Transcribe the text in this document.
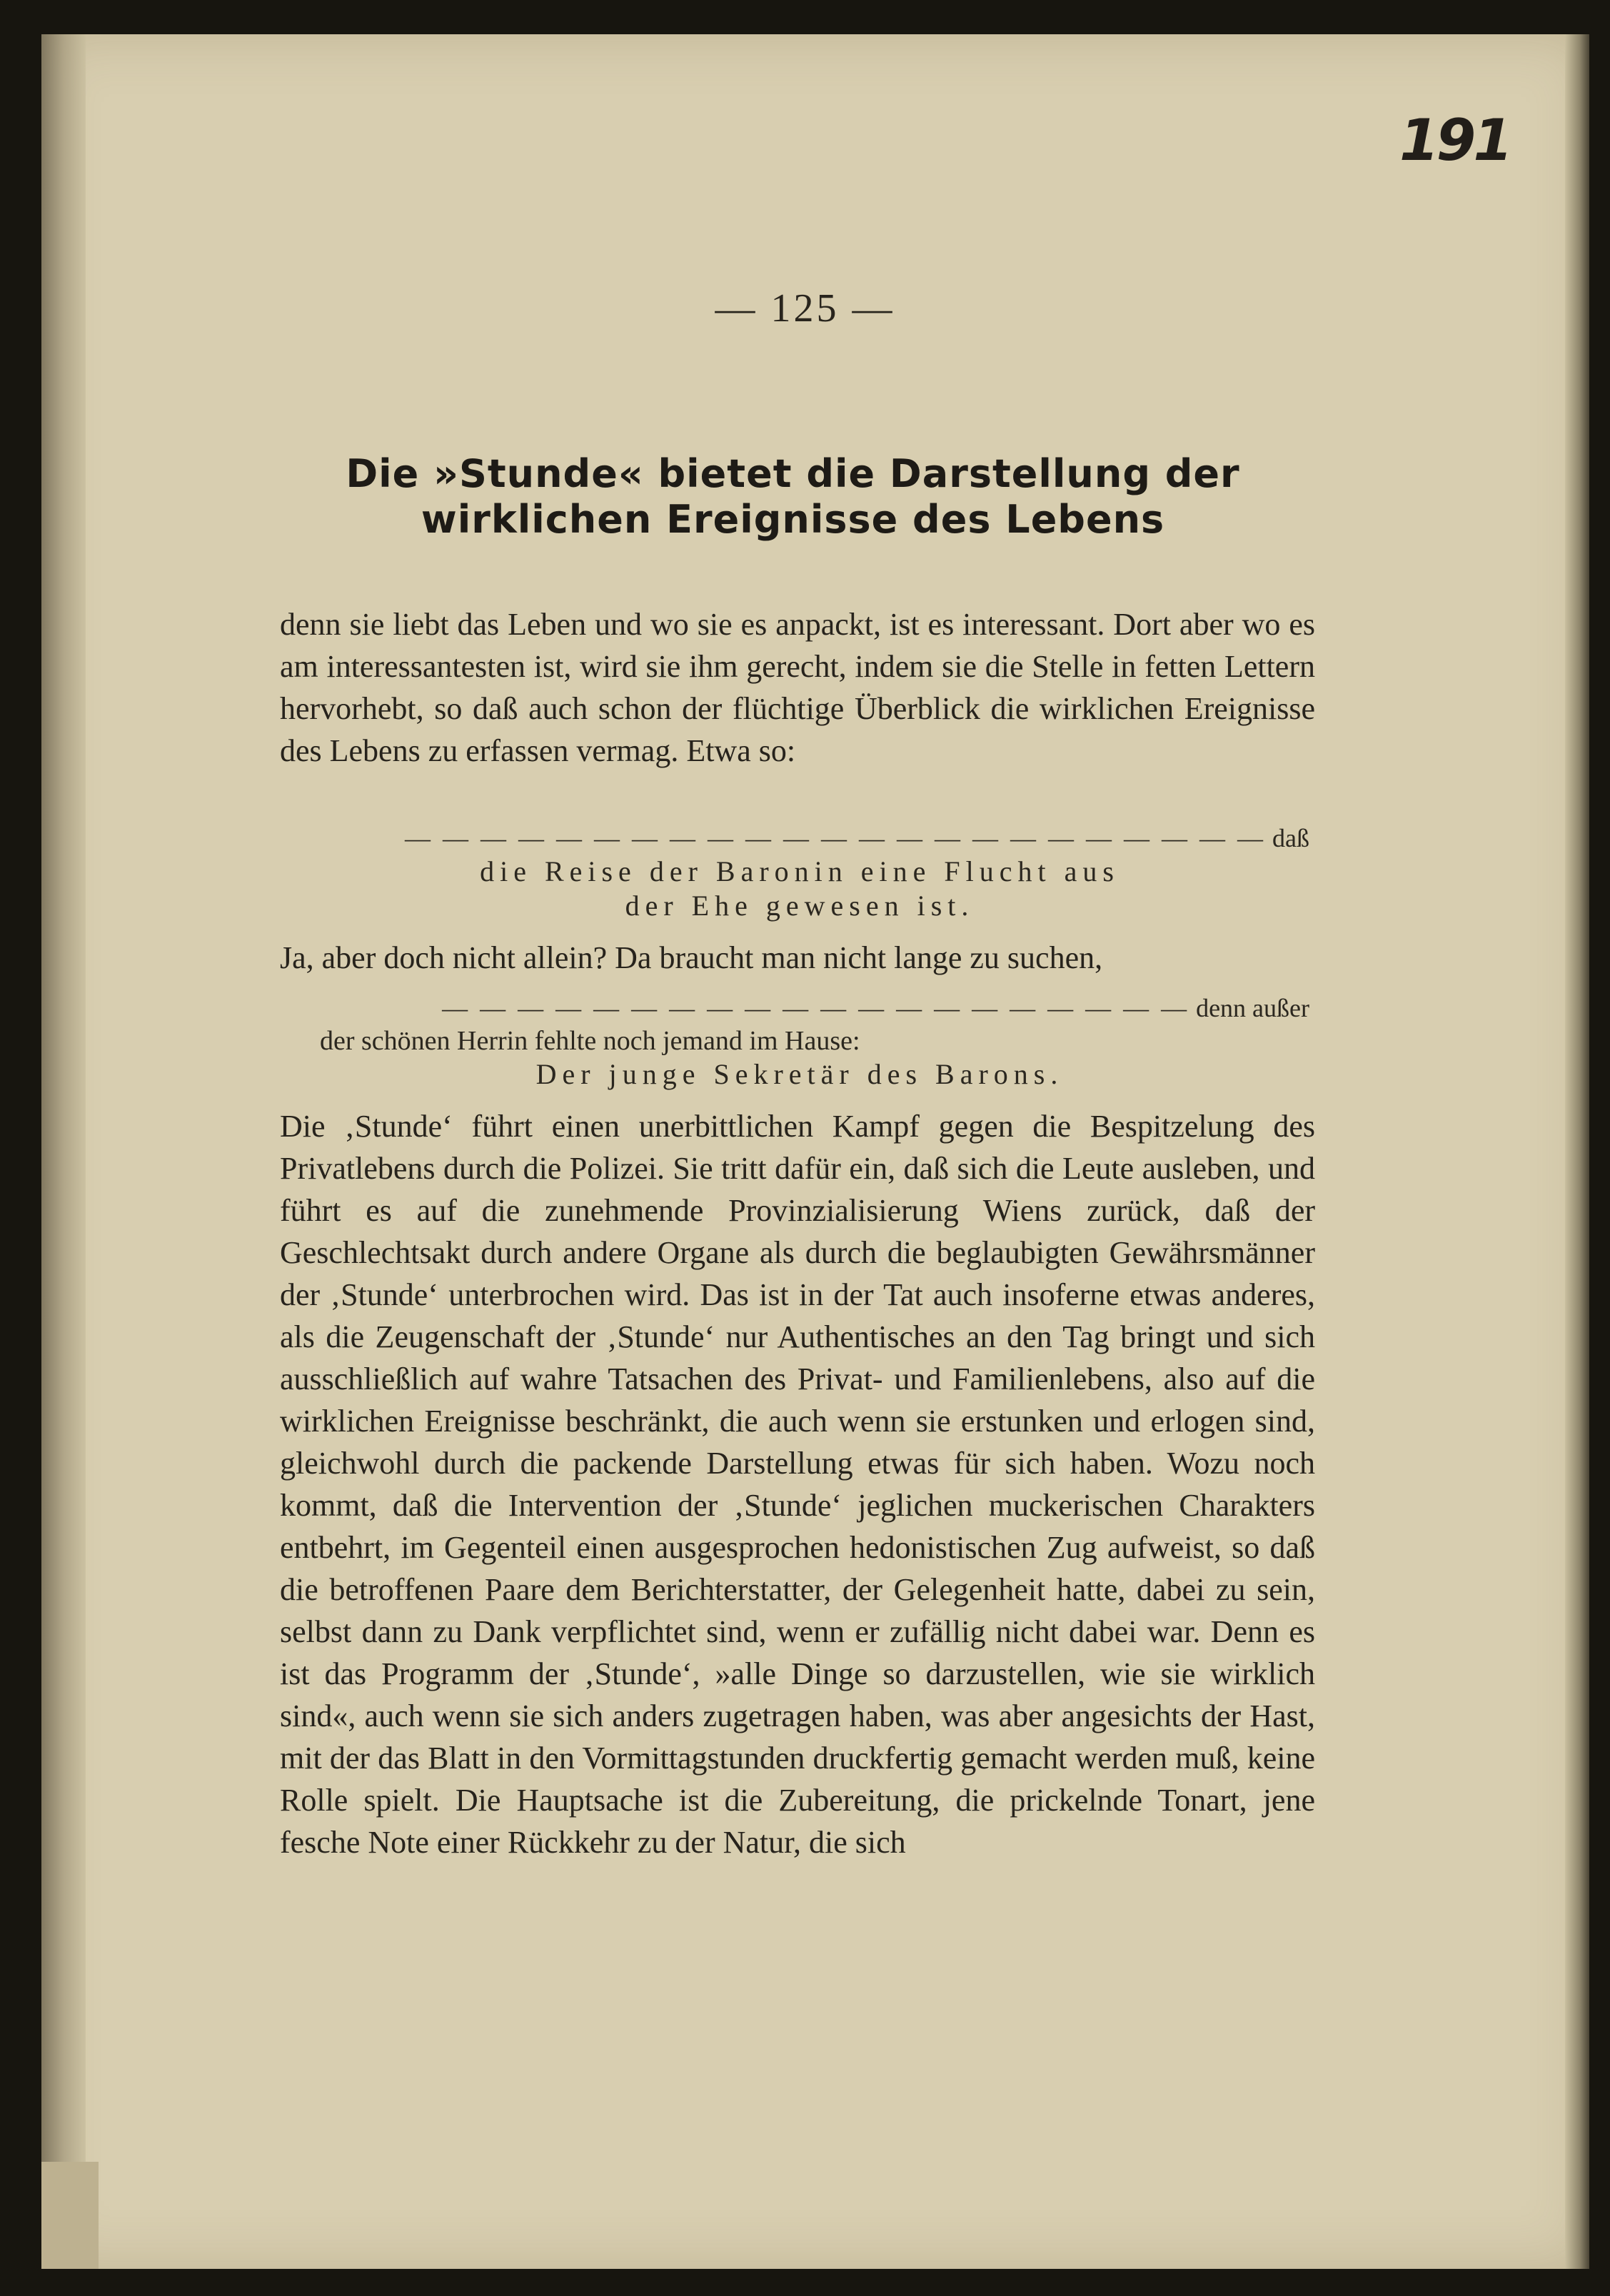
191
— 125 —
Die »Stunde« bietet die Darstellung der
wirklichen Ereignisse des Lebens

denn sie liebt das Leben und wo sie es anpackt, ist es interessant. Dort aber wo es am interessantesten ist, wird sie ihm gerecht, indem sie die Stelle in fetten Lettern hervorhebt, so daß auch schon der flüchtige Überblick die wirklichen Ereignisse des Lebens zu erfassen vermag. Etwa so:

— — — — — — — — — — — — — — — — — — — — — — — daß
die Reise der Baronin eine Flucht aus
der Ehe gewesen ist.

Ja, aber doch nicht allein? Da braucht man nicht lange zu suchen,

— — — — — — — — — — — — — — — — — — — — denn außer
der schönen Herrin fehlte noch jemand im Hause:
Der junge Sekretär des Barons.

Die ‚Stunde‘ führt einen unerbittlichen Kampf gegen die Bespitzelung des Privatlebens durch die Polizei. Sie tritt dafür ein, daß sich die Leute ausleben, und führt es auf die zunehmende Provinzialisierung Wiens zurück, daß der Geschlechtsakt durch andere Organe als durch die beglaubigten Gewährsmänner der ‚Stunde‘ unterbrochen wird. Das ist in der Tat auch insoferne etwas anderes, als die Zeugenschaft der ‚Stunde‘ nur Authentisches an den Tag bringt und sich ausschließlich auf wahre Tatsachen des Privat- und Familienlebens, also auf die wirklichen Ereignisse beschränkt, die auch wenn sie erstunken und erlogen sind, gleichwohl durch die packende Darstellung etwas für sich haben. Wozu noch kommt, daß die Intervention der ‚Stunde‘ jeglichen muckerischen Charakters entbehrt, im Gegenteil einen ausgesprochen hedonistischen Zug aufweist, so daß die betroffenen Paare dem Berichterstatter, der Gelegenheit hatte, dabei zu sein, selbst dann zu Dank verpflichtet sind, wenn er zufällig nicht dabei war. Denn es ist das Programm der ‚Stunde‘, »alle Dinge so darzustellen, wie sie wirklich sind«, auch wenn sie sich anders zugetragen haben, was aber angesichts der Hast, mit der das Blatt in den Vormittagstunden druckfertig gemacht werden muß, keine Rolle spielt. Die Hauptsache ist die Zubereitung, die prickelnde Tonart, jene fesche Note einer Rückkehr zu der Natur, die sich
